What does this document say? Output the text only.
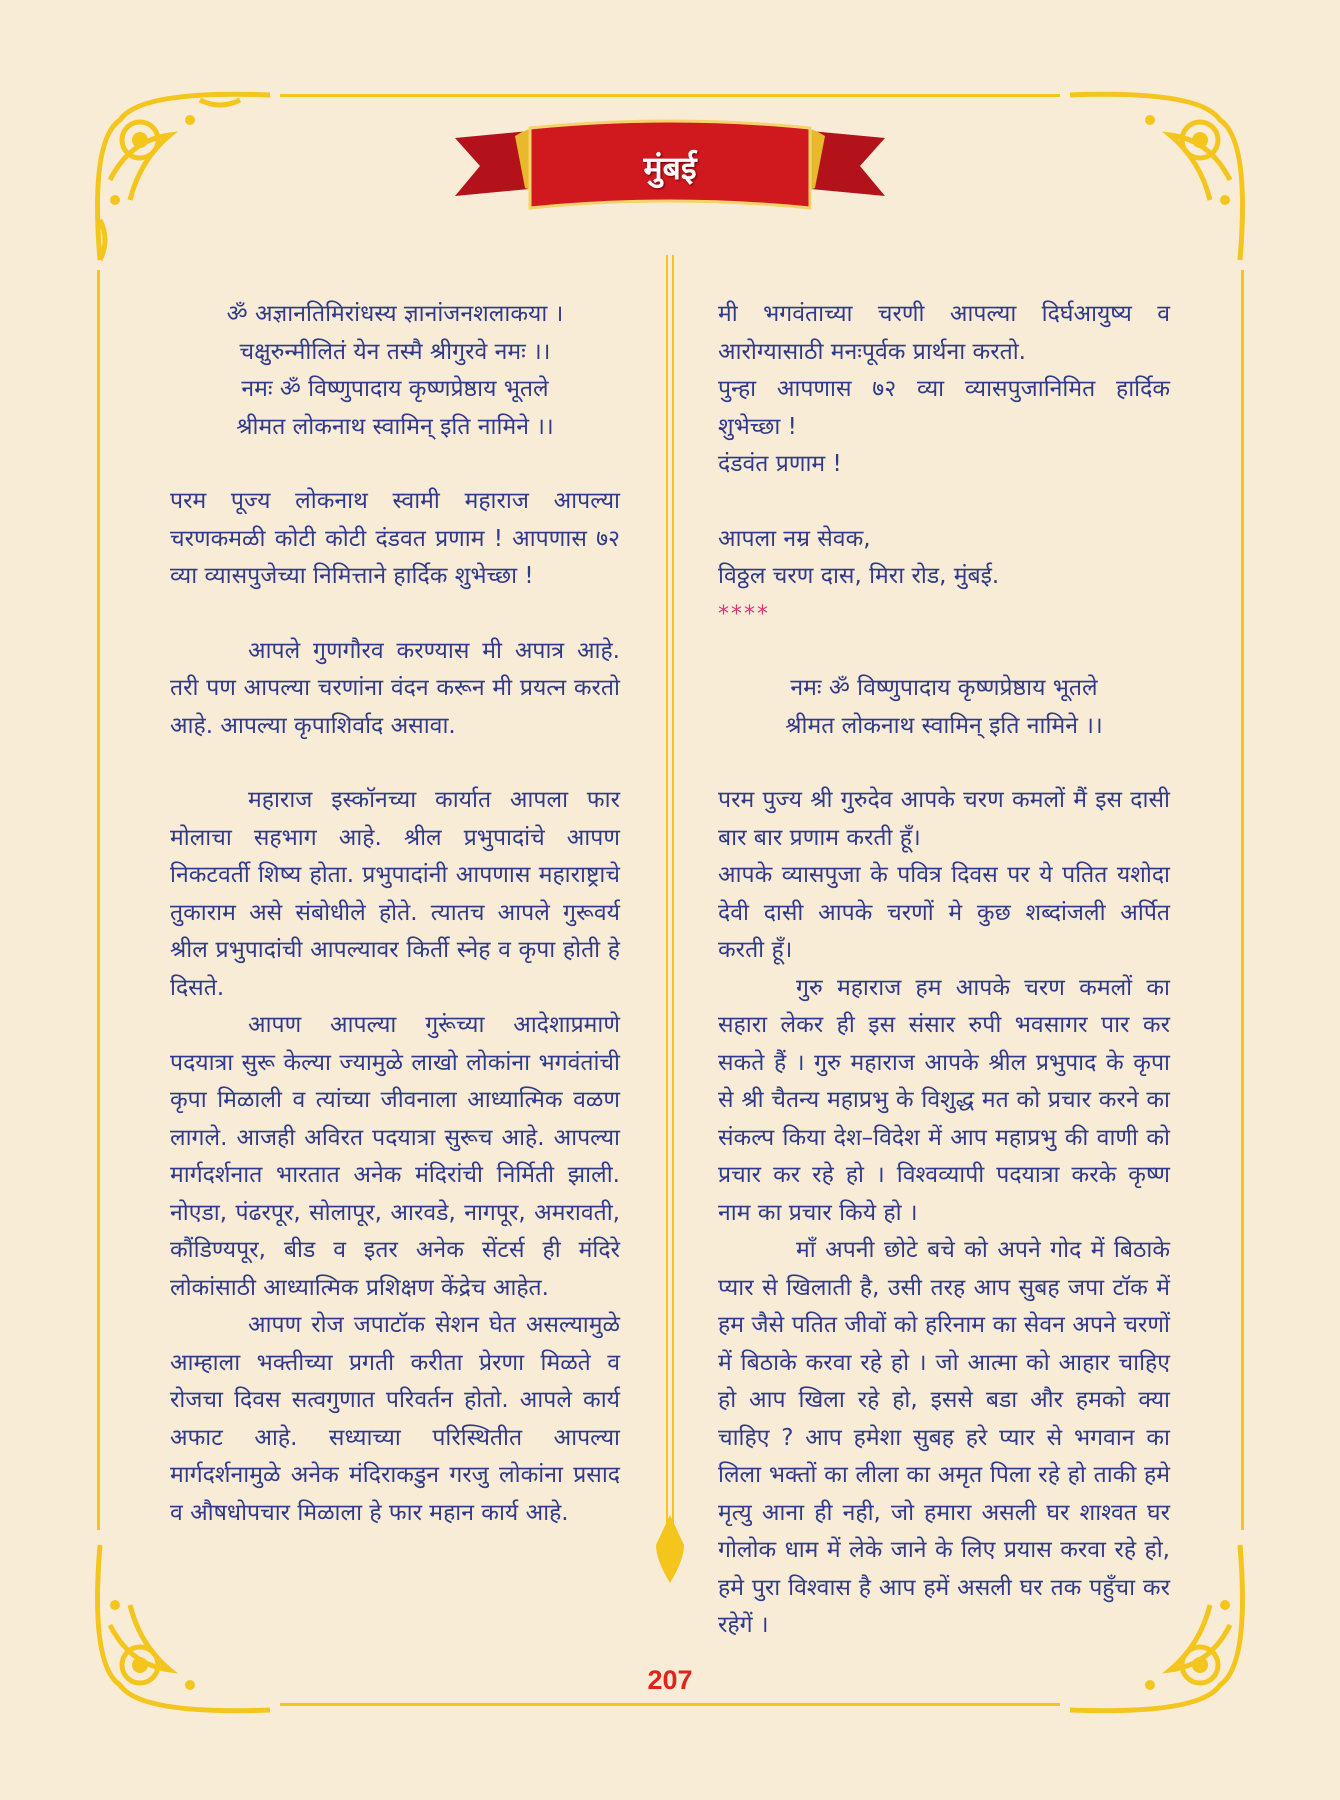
मुंबई

ॐ अज्ञानतिमिरांधस्य ज्ञानांजनशलाकया ।

चक्षुरुन्मीलितं येन तस्मै श्रीगुरवे नमः ।।

नमः ॐ विष्णुपादाय कृष्णप्रेष्ठाय भूतले

श्रीमत लोकनाथ स्वामिन् इति नामिने ।।

परम पूज्य लोकनाथ स्वामी महाराज आपल्या चरणकमळी कोटी कोटी दंडवत प्रणाम ! आपणास ७२ व्या व्यासपुजेच्या निमित्ताने हार्दिक शुभेच्छा !

आपले गुणगौरव करण्यास मी अपात्र आहे. तरी पण आपल्या चरणांना वंदन करून मी प्रयत्न करतो आहे. आपल्या कृपाशिर्वाद असावा.

महाराज इस्कॉनच्या कार्यात आपला फार मोलाचा सहभाग आहे. श्रील प्रभुपादांचे आपण निकटवर्ती शिष्य होता. प्रभुपादांनी आपणास महाराष्ट्राचे तुकाराम असे संबोधीले होते. त्यातच आपले गुरूवर्य श्रील प्रभुपादांची आपल्यावर किर्ती स्नेह व कृपा होती हे दिसते.

आपण आपल्या गुरूंच्या आदेशाप्रमाणे पदयात्रा सुरू केल्या ज्यामुळे लाखो लोकांना भगवंतांची कृपा मिळाली व त्यांच्या जीवनाला आध्यात्मिक वळण लागले. आजही अविरत पदयात्रा सुरूच आहे. आपल्या मार्गदर्शनात भारतात अनेक मंदिरांची निर्मिती झाली. नोएडा, पंढरपूर, सोलापूर, आरवडे, नागपूर, अमरावती, कौंडिण्यपूर, बीड व इतर अनेक सेंटर्स ही मंदिरे लोकांसाठी आध्यात्मिक प्रशिक्षण केंद्रेच आहेत.

आपण रोज जपाटॉक सेशन घेत असल्यामुळे आम्हाला भक्तीच्या प्रगती करीता प्रेरणा मिळते व रोजचा दिवस सत्वगुणात परिवर्तन होतो. आपले कार्य अफाट आहे. सध्याच्या परिस्थितीत आपल्या मार्गदर्शनामुळे अनेक मंदिराकडुन गरजु लोकांना प्रसाद व औषधोपचार मिळाला हे फार महान कार्य आहे.

मी भगवंताच्या चरणी आपल्या दिर्घआयुष्य व आरोग्यासाठी मनःपूर्वक प्रार्थना करतो.

पुन्हा आपणास ७२ व्या व्यासपुजानिमित हार्दिक शुभेच्छा !

दंडवंत प्रणाम !

आपला नम्र सेवक,

विठ्ठल चरण दास, मिरा रोड, मुंबई.

****

नमः ॐ विष्णुपादाय कृष्णप्रेष्ठाय भूतले

श्रीमत लोकनाथ स्वामिन् इति नामिने ।।

परम पुज्य श्री गुरुदेव आपके चरण कमलों मैं इस दासी बार बार प्रणाम करती हूँ।

आपके व्यासपुजा के पवित्र दिवस पर ये पतित यशोदा देवी दासी आपके चरणों मे कुछ शब्दांजली अर्पित करती हूँ।

गुरु महाराज हम आपके चरण कमलों का सहारा लेकर ही इस संसार रुपी भवसागर पार कर सकते हैं । गुरु महाराज आपके श्रील प्रभुपाद के कृपा से श्री चैतन्य महाप्रभु के विशुद्ध मत को प्रचार करने का संकल्प किया देश–विदेश में आप महाप्रभु की वाणी को प्रचार कर रहे हो । विश्वव्यापी पदयात्रा करके कृष्ण नाम का प्रचार किये हो ।

माँ अपनी छोटे बचे को अपने गोद में बिठाके प्यार से खिलाती है, उसी तरह आप सुबह जपा टॉक में हम जैसे पतित जीवों को हरिनाम का सेवन अपने चरणों में बिठाके करवा रहे हो । जो आत्मा को आहार चाहिए हो आप खिला रहे हो, इससे बडा और हमको क्या चाहिए ? आप हमेशा सुबह हरे प्यार से भगवान का लिला भक्तों का लीला का अमृत पिला रहे हो ताकी हमे मृत्यु आना ही नही, जो हमारा असली घर शाश्वत घर गोलोक धाम में लेके जाने के लिए प्रयास करवा रहे हो, हमे पुरा विश्वास है आप हमें असली घर तक पहुँचा कर रहेगें ।

207
